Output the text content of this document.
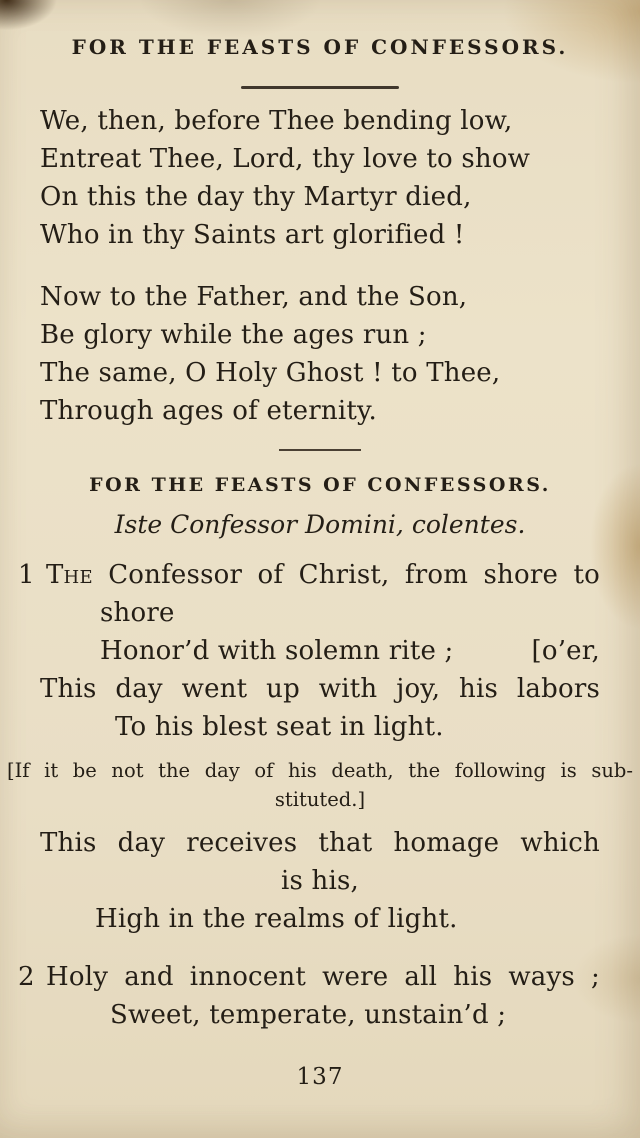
FOR THE FEASTS OF CONFESSORS.
We, then, before Thee bending low,
Entreat Thee, Lord, thy love to show
On this the day thy Martyr died,
Who in thy Saints art glorified !
Now to the Father, and the Son,
Be glory while the ages run ;
The same, O Holy Ghost ! to Thee,
Through ages of eternity.
FOR THE FEASTS OF CONFESSORS.
Iste Confessor Domini, colentes.
1 The Confessor of Christ, from shore to
shore
Honor’d with solemn rite ;	[o’er,
This day went up with joy, his labors
To his blest seat in light.
[If it be not the day of his death, the following is sub-
stituted.]
This day receives that homage which
is his,
High in the realms of light.
2 Holy and innocent were all his ways ;
Sweet, temperate, unstain’d ;
137
